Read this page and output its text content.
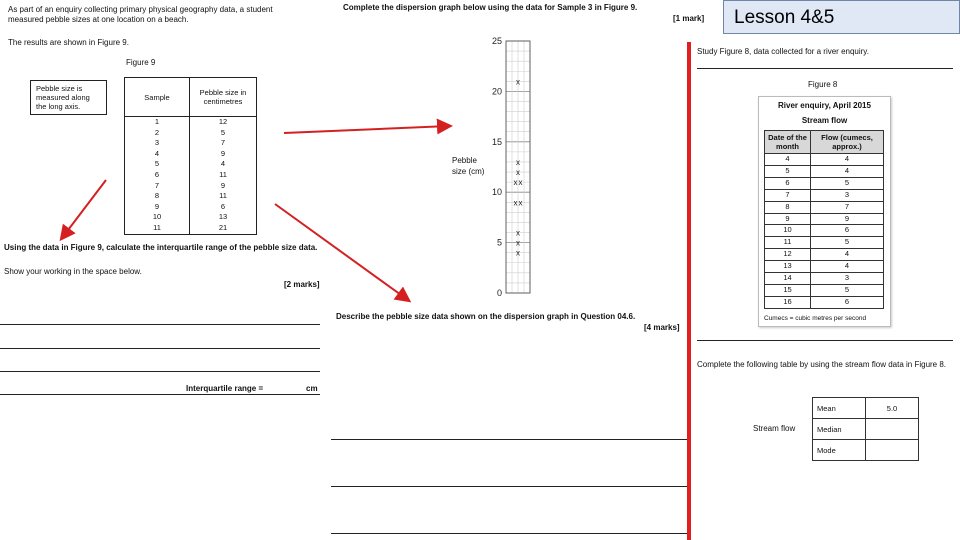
As part of an enquiry collecting primary physical geography data, a student
measured pebble sizes at one location on a beach.
The results are shown in Figure 9.
Figure 9
Pebble size is
measured along
the long axis.
Sample	Pebble size in centimetres
1	12
2	5
3	7
4	9
5	4
6	11
7	9
8	11
9	6
10	13
11	21
Using the data in Figure 9, calculate the interquartile range of the pebble size data.
Show your working in the space below.
[2 marks]
Interquartile range =	cm
Complete the dispersion graph below using the data for Sample 3 in Figure 9.
[1 mark]
0
5
10
15
20
25
x
x
x
x x
x x
x
x
x
Pebble
size (cm)
Describe the pebble size data shown on the dispersion graph in Question 04.6.
[4 marks]
Lesson 4&5
Study Figure 8, data collected for a river enquiry.
Figure 8
River enquiry, April 2015
Stream flow
Date of the month	Flow (cumecs, approx.)
4	4
5	4
6	5
7	3
8	7
9	9
10	6
11	5
12	4
13	4
14	3
15	5
16	6
Cumecs = cubic metres per second
Complete the following table by using the stream flow data in Figure 8.
Stream flow
Mean	5.0
Median	
Mode	
